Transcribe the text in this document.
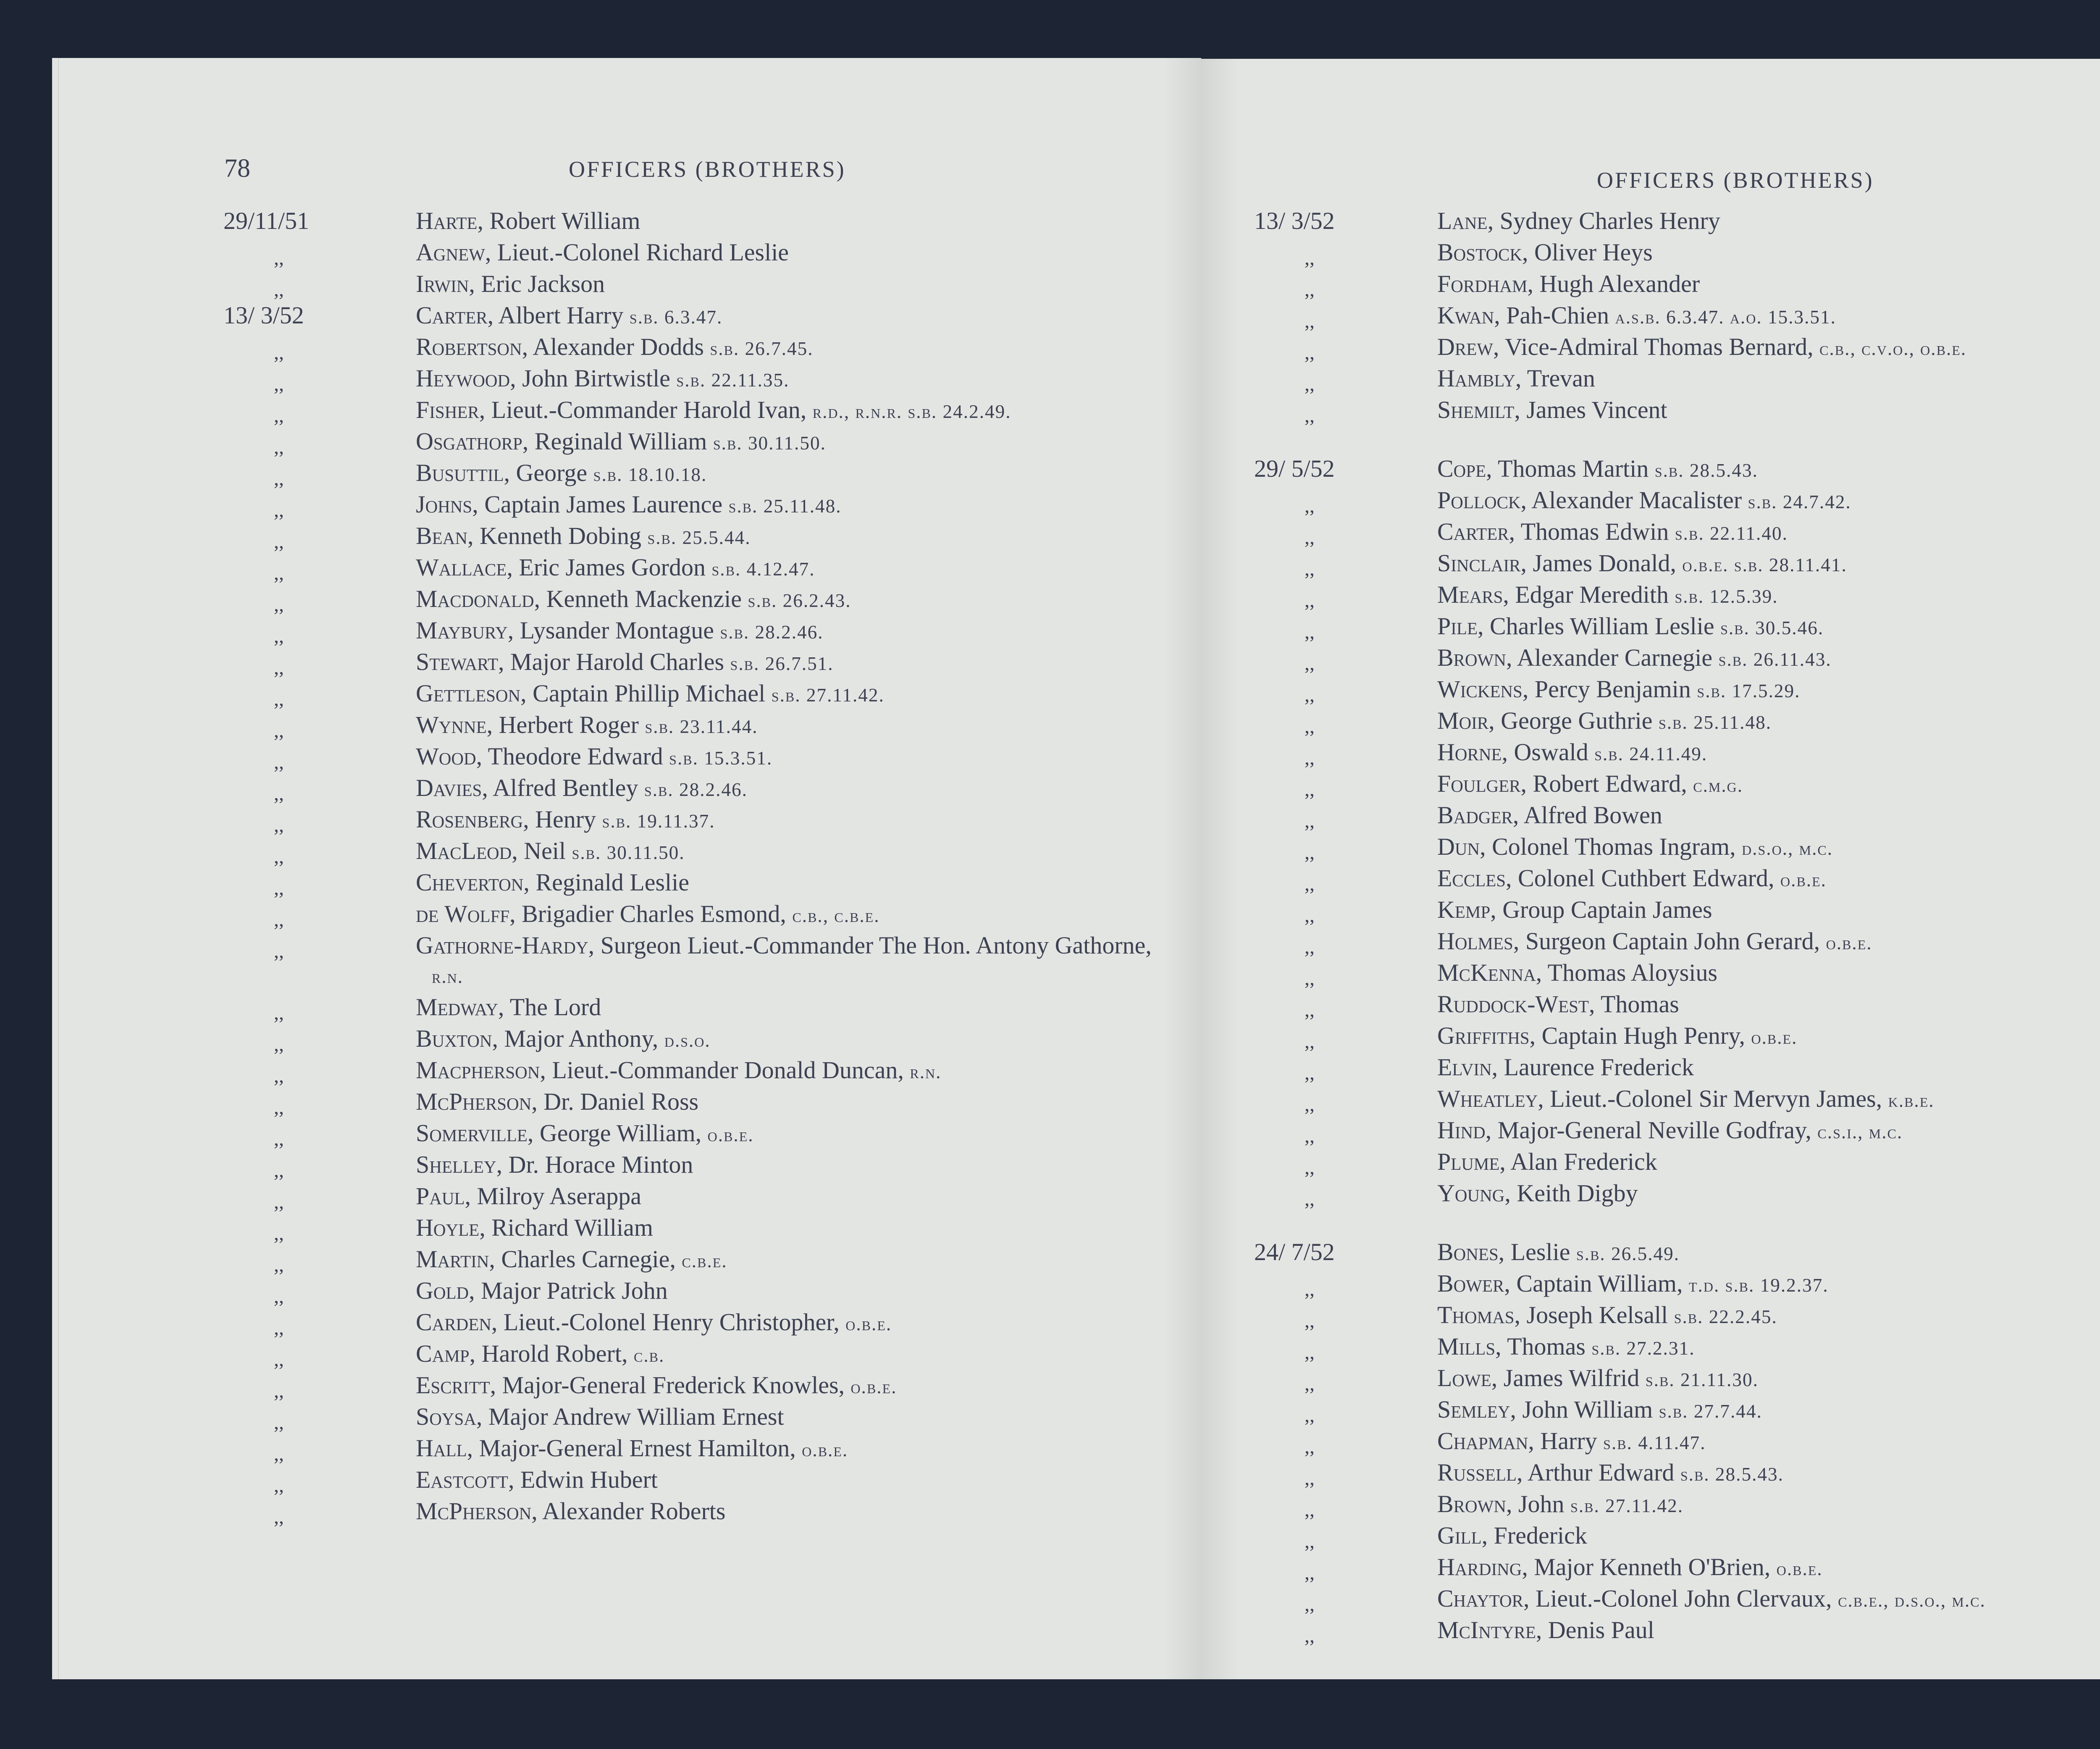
78	OFFICERS (BROTHERS)
29/11/51	Harte, Robert William
,,	Agnew, Lieut.-Colonel Richard Leslie
,,	Irwin, Eric Jackson
13/ 3/52	Carter, Albert Harry s.b. 6.3.47.
,,	Robertson, Alexander Dodds s.b. 26.7.45.
,,	Heywood, John Birtwistle s.b. 22.11.35.
,,	Fisher, Lieut.-Commander Harold Ivan, r.d., r.n.r. s.b. 24.2.49.
,,	Osgathorp, Reginald William s.b. 30.11.50.
,,	Busuttil, George s.b. 18.10.18.
,,	Johns, Captain James Laurence s.b. 25.11.48.
,,	Bean, Kenneth Dobing s.b. 25.5.44.
,,	Wallace, Eric James Gordon s.b. 4.12.47.
,,	Macdonald, Kenneth Mackenzie s.b. 26.2.43.
,,	Maybury, Lysander Montague s.b. 28.2.46.
,,	Stewart, Major Harold Charles s.b. 26.7.51.
,,	Gettleson, Captain Phillip Michael s.b. 27.11.42.
,,	Wynne, Herbert Roger s.b. 23.11.44.
,,	Wood, Theodore Edward s.b. 15.3.51.
,,	Davies, Alfred Bentley s.b. 28.2.46.
,,	Rosenberg, Henry s.b. 19.11.37.
,,	MacLeod, Neil s.b. 30.11.50.
,,	Cheverton, Reginald Leslie
,,	de Wolff, Brigadier Charles Esmond, c.b., c.b.e.
,,	Gathorne-Hardy, Surgeon Lieut.-Commander The Hon. Antony Gathorne,
r.n.
,,	Medway, The Lord
,,	Buxton, Major Anthony, d.s.o.
,,	Macpherson, Lieut.-Commander Donald Duncan, r.n.
,,	McPherson, Dr. Daniel Ross
,,	Somerville, George William, o.b.e.
,,	Shelley, Dr. Horace Minton
,,	Paul, Milroy Aserappa
,,	Hoyle, Richard William
,,	Martin, Charles Carnegie, c.b.e.
,,	Gold, Major Patrick John
,,	Carden, Lieut.-Colonel Henry Christopher, o.b.e.
,,	Camp, Harold Robert, c.b.
,,	Escritt, Major-General Frederick Knowles, o.b.e.
,,	Soysa, Major Andrew William Ernest
,,	Hall, Major-General Ernest Hamilton, o.b.e.
,,	Eastcott, Edwin Hubert
,,	McPherson, Alexander Roberts
OFFICERS (BROTHERS)
13/ 3/52	Lane, Sydney Charles Henry
,,	Bostock, Oliver Heys
,,	Fordham, Hugh Alexander
,,	Kwan, Pah-Chien a.s.b. 6.3.47. a.o. 15.3.51.
,,	Drew, Vice-Admiral Thomas Bernard, c.b., c.v.o., o.b.e.
,,	Hambly, Trevan
,,	Shemilt, James Vincent
29/ 5/52	Cope, Thomas Martin s.b. 28.5.43.
,,	Pollock, Alexander Macalister s.b. 24.7.42.
,,	Carter, Thomas Edwin s.b. 22.11.40.
,,	Sinclair, James Donald, o.b.e. s.b. 28.11.41.
,,	Mears, Edgar Meredith s.b. 12.5.39.
,,	Pile, Charles William Leslie s.b. 30.5.46.
,,	Brown, Alexander Carnegie s.b. 26.11.43.
,,	Wickens, Percy Benjamin s.b. 17.5.29.
,,	Moir, George Guthrie s.b. 25.11.48.
,,	Horne, Oswald s.b. 24.11.49.
,,	Foulger, Robert Edward, c.m.g.
,,	Badger, Alfred Bowen
,,	Dun, Colonel Thomas Ingram, d.s.o., m.c.
,,	Eccles, Colonel Cuthbert Edward, o.b.e.
,,	Kemp, Group Captain James
,,	Holmes, Surgeon Captain John Gerard, o.b.e.
,,	McKenna, Thomas Aloysius
,,	Ruddock-West, Thomas
,,	Griffiths, Captain Hugh Penry, o.b.e.
,,	Elvin, Laurence Frederick
,,	Wheatley, Lieut.-Colonel Sir Mervyn James, k.b.e.
,,	Hind, Major-General Neville Godfray, c.s.i., m.c.
,,	Plume, Alan Frederick
,,	Young, Keith Digby
24/ 7/52	Bones, Leslie s.b. 26.5.49.
,,	Bower, Captain William, t.d. s.b. 19.2.37.
,,	Thomas, Joseph Kelsall s.b. 22.2.45.
,,	Mills, Thomas s.b. 27.2.31.
,,	Lowe, James Wilfrid s.b. 21.11.30.
,,	Semley, John William s.b. 27.7.44.
,,	Chapman, Harry s.b. 4.11.47.
,,	Russell, Arthur Edward s.b. 28.5.43.
,,	Brown, John s.b. 27.11.42.
,,	Gill, Frederick
,,	Harding, Major Kenneth O'Brien, o.b.e.
,,	Chaytor, Lieut.-Colonel John Clervaux, c.b.e., d.s.o., m.c.
,,	McIntyre, Denis Paul
